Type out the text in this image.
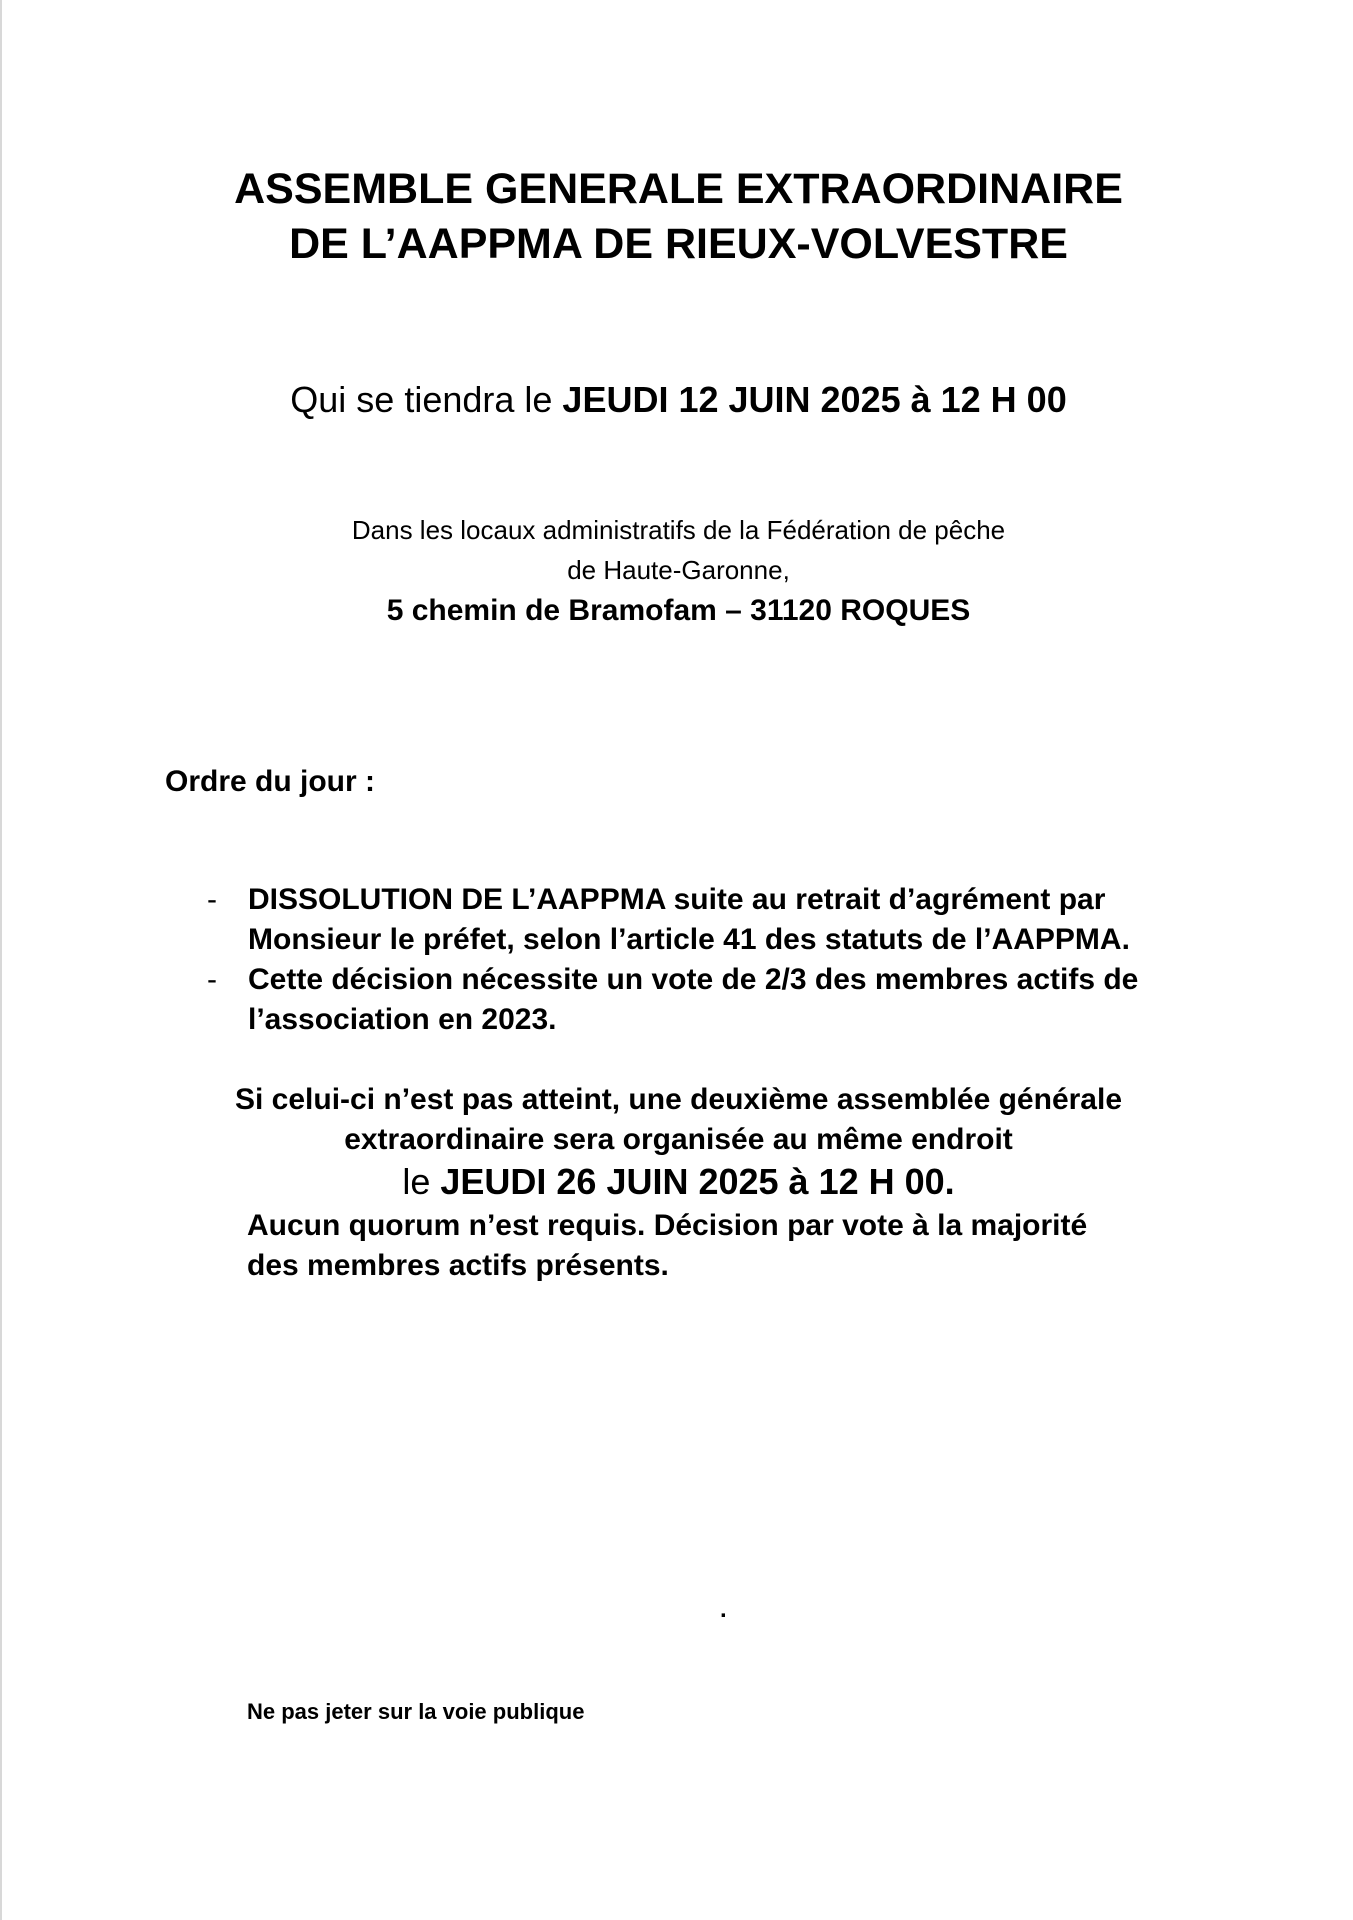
ASSEMBLE GENERALE EXTRAORDINAIRE
DE L’AAPPMA DE RIEUX-VOLVESTRE
Qui se tiendra le JEUDI 12 JUIN 2025 à 12 H 00
Dans les locaux administratifs de la Fédération de pêche
de Haute-Garonne,
5 chemin de Bramofam – 31120 ROQUES
Ordre du jour :
- DISSOLUTION DE L’AAPPMA suite au retrait d’agrément par
Monsieur le préfet, selon l’article 41 des statuts de l’AAPPMA.
- Cette décision nécessite un vote de 2/3 des membres actifs de
l’association en 2023.
Si celui-ci n’est pas atteint, une deuxième assemblée générale
extraordinaire sera organisée au même endroit
le JEUDI 26 JUIN 2025 à 12 H 00.
Aucun quorum n’est requis. Décision par vote à la majorité
des membres actifs présents.
.
Ne pas jeter sur la voie publique
